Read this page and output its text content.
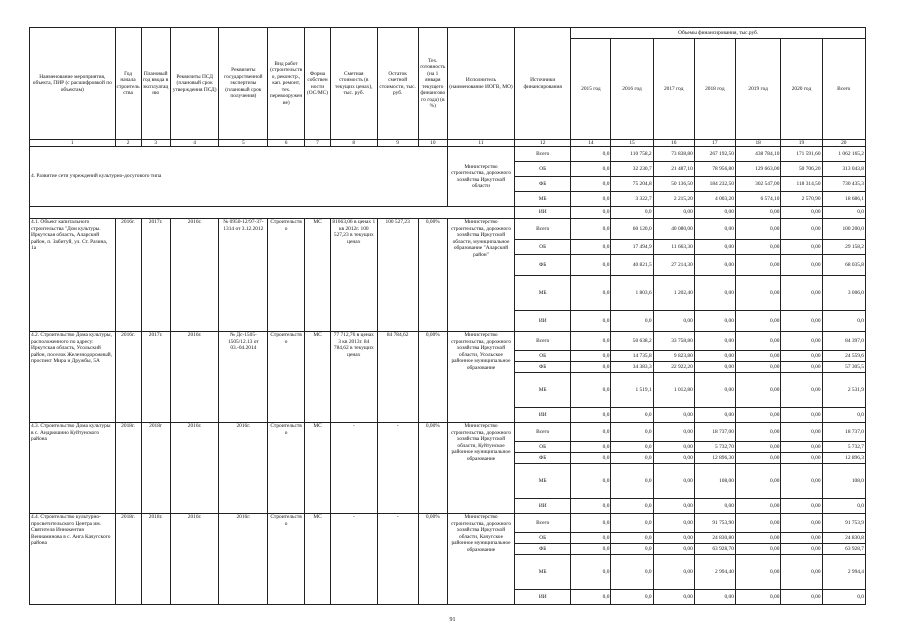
Наименование мероприятия, объекта, ПИР (с расшифровкой по объектам)	Год начала строительства	Плановый год ввода в эксплуатацию	Реквизиты ПСД (плановый срок утверждения ПСД)	Реквизиты государственной экспертизы (плановый срок получения)	Вид работ (строительство, реконстр., кап. ремонт, тех. перевооружение)	Форма собственности (ОС/МС)	Сметная стоимость (в текущих ценах), тыс. руб.	Остаток сметной стоимости, тыс. руб.	Тех. готовность (на 1 января текущего финансового года) (в %)	Исполнитель (наименование ИОГВ, МО)	Источники финансирования	Объемы финансирования, тыс.руб.						
												2015 год	2016 год	2017 год	2018 год	2019 год	2020 год	Всего
1	2	3	4	5	6	7	8	9	10	11	12	14	15	16	17	18	19	20
4. Развитие сети учреждений культурно-досугового типа										Министерство строительства, дорожного хозяйства Иркутской области	Всего	0,0	110 758,2	73 838,80	267 192,50	438 784,10	171 591,60	1 062 165,2
											ОБ	0,0	32 230,7	21 487,10	78 956,80	129 663,00	50 706,20	313 043,8
											ФБ	0,0	75 204,8	50 136,50	184 232,50	302 547,00	118 314,50	730 435,3
											МБ	0,0	3 322,7	2 215,20	4 003,20	6 574,10	2 570,90	18 686,1
											ИИ	0,0	0,0	0,00	0,00	0,00	0,00	0,0
4.1. Объект капитального строительства "Дом культуры. Иркутская область, Аларский район, п. Забитуй, ул. Ст. Разина, 1а	2016г.	2017г.	2016г.	№ 0950-12/97-37-1314 от 3.12.2012	Строительство	МС	81663,06 в ценах 1 кв 2012г. 100 527,23 в текущих ценах	100 527,23	0,00%	Министерство строительства, дорожного хозяйства Иркутской области, муниципальное образование "Аларский район"	Всего	0,0	60 120,0	40 080,00	0,00	0,00	0,00	100 200,0
											ОБ	0,0	17 494,9	11 663,30	0,00	0,00	0,00	29 158,2
											ФБ	0,0	40 821,5	27 214,30	0,00	0,00	0,00	68 035,8
											МБ	0,0	1 803,6	1 202,40	0,00	0,00	0,00	3 006,0
											ИИ	0,0	0,0	0,00	0,00	0,00	0,00	0,0
4.2. Строительство Дома культуры, расположенного по адресу: Иркутская область, Усольский район, поселок Железнодорожный, проспект Мира и Дружбы, 5А	2016г.	2017г.	2016г.	№ Дс-1505-1505/12.13 от 03.-04.2014	Строительство	МС	77 712,76 в ценах 3 кв 2013г. 84 784,62 в текущих ценах	84 784,62	0,00%	Министерство строительства, дорожного хозяйства Иркутской области, Усольское районное муниципальное образование	Всего	0,0	50 638,2	33 758,80	0,00	0,00	0,00	84 397,0
											ОБ	0,0	14 735,8	9 823,80	0,00	0,00	0,00	24 559,6
											ФБ	0,0	34 383,3	22 922,20	0,00	0,00	0,00	57 305,5
											МБ	0,0	1 519,1	1 012,80	0,00	0,00	0,00	2 531,9
											ИИ	0,0	0,0	0,00	0,00	0,00	0,00	0,0
4.3. Строительство Дома культуры в с. Андрюшино Куйтунского района	2018г.	2018г	2016г.	2016г.	Строительство	МС	-	-	0,00%	Министерство строительства, дорожного хозяйства Иркутской области, Куйтунское районное муниципальное образование	Всего	0,0	0,0	0,00	18 737,00	0,00	0,00	18 737,0
											ОБ	0,0	0,0	0,00	5 732,70	0,00	0,00	5 732,7
											ФБ	0,0	0,0	0,00	12 896,30	0,00	0,00	12 896,3
											МБ	0,0	0,0	0,00	108,00	0,00	0,00	108,0
											ИИ	0,0	0,0	0,00	0,00	0,00	0,00	0,0
4.4. Строительство культурно-просветительского Центра им. Святителя Иннокентия Вениаминова в с. Анга Качугского района	2018г.	2018г.	2016г.	2016г.	Строительство	МС	-	-	0,00%	Министерство строительства, дорожного хозяйства Иркутской области, Качугское районное муниципальное образование	Всего	0,0	0,0	0,00	91 753,90	0,00	0,00	91 753,9
											ОБ	0,0	0,0	0,00	24 830,80	0,00	0,00	24 830,8
											ФБ	0,0	0,0	0,00	63 928,70	0,00	0,00	63 928,7
											МБ	0,0	0,0	0,00	2 994,40	0,00	0,00	2 994,4
											ИИ	0,0	0,0	0,00	0,00	0,00	0,00	0,0
91
